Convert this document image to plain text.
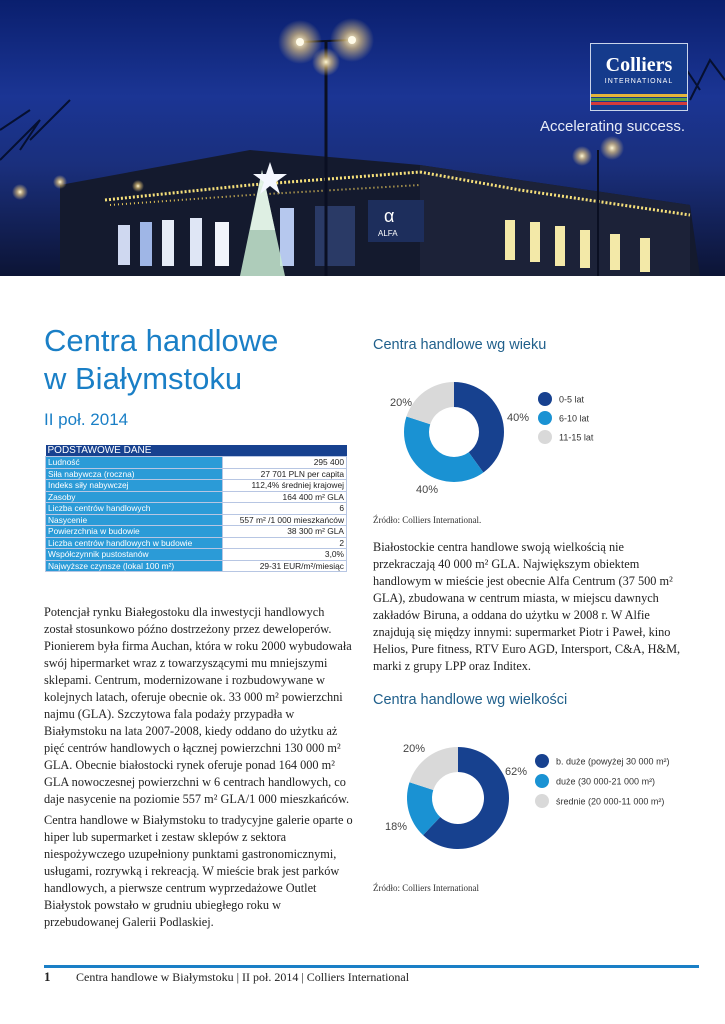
α
ALFA
Colliers
INTERNATIONAL
Accelerating success.
Centra handlowe
w Białymstoku
II poł. 2014
PODSTAWOWE DANE	
Ludność	295 400
Siła nabywcza (roczna)	27 701 PLN per capita
Indeks siły nabywczej	112,4% średniej krajowej
Zasoby	164 400 m² GLA
Liczba centrów handlowych	6
Nasycenie	557 m² /1 000 mieszkańców
Powierzchnia w budowie	38 300 m² GLA
Liczba centrów handlowych w budowie	2
Współczynnik pustostanów	3,0%
Najwyższe czynsze (lokal 100 m²)	29-31 EUR/m²/miesiąc

Potencjał rynku Białegostoku dla inwestycji handlowych został stosunkowo późno dostrzeżony przez deweloperów. Pionierem była firma Auchan, która w roku 2000 wybudowała swój hipermarket wraz z towarzyszącymi mu mniejszymi sklepami. Centrum, modernizowane i rozbudowywane w kolejnych latach, oferuje obecnie ok. 33 000 m² powierzchni najmu (GLA). Szczytowa fala podaży przypadła w Białymstoku na lata 2007-2008, kiedy oddano do użytku aż pięć centrów handlowych o łącznej powierzchni 130 000 m² GLA. Obecnie białostocki rynek oferuje ponad 164 000 m² GLA nowoczesnej powierzchni w 6 centrach handlowych, co daje nasycenie na poziomie 557 m² GLA/1 000 mieszkańców.

Centra handlowe w Białymstoku to tradycyjne galerie oparte o hiper lub supermarket i zestaw sklepów z sektora niespożywczego uzupełniony punktami gastronomicznymi, usługami, rozrywką i rekreacją. W mieście brak jest parków handlowych, a pierwsze centrum wyprzedażowe Outlet Białystok powstało w grudniu ubiegłego roku w przebudowanej Galerii Podlaskiej.

Centra handlowe wg wieku
40%
0-5 lat
40%
6-10 lat
20%
11-15 lat
Źródło: Colliers International.

Białostockie centra handlowe swoją wielkością nie przekraczają 40 000 m² GLA. Największym obiektem handlowym w mieście jest obecnie Alfa Centrum (37 500 m² GLA), zbudowana w centrum miasta, w miejscu dawnych zakładów Biruna, a oddana do użytku w 2008 r. W Alfie znajdują się między innymi: supermarket Piotr i Paweł, kino Helios, Pure fitness, RTV Euro AGD, Intersport, C&A, H&M, marki z grupy LPP oraz Inditex.

Centra handlowe wg wielkości
62%
b. duże (powyżej 30 000 m²)
18%
duże (30 000-21 000 m²)
20%
średnie (20 000-11 000 m²)
Źródło: Colliers International
1 Centra handlowe w Białymstoku | II poł. 2014 | Colliers International
